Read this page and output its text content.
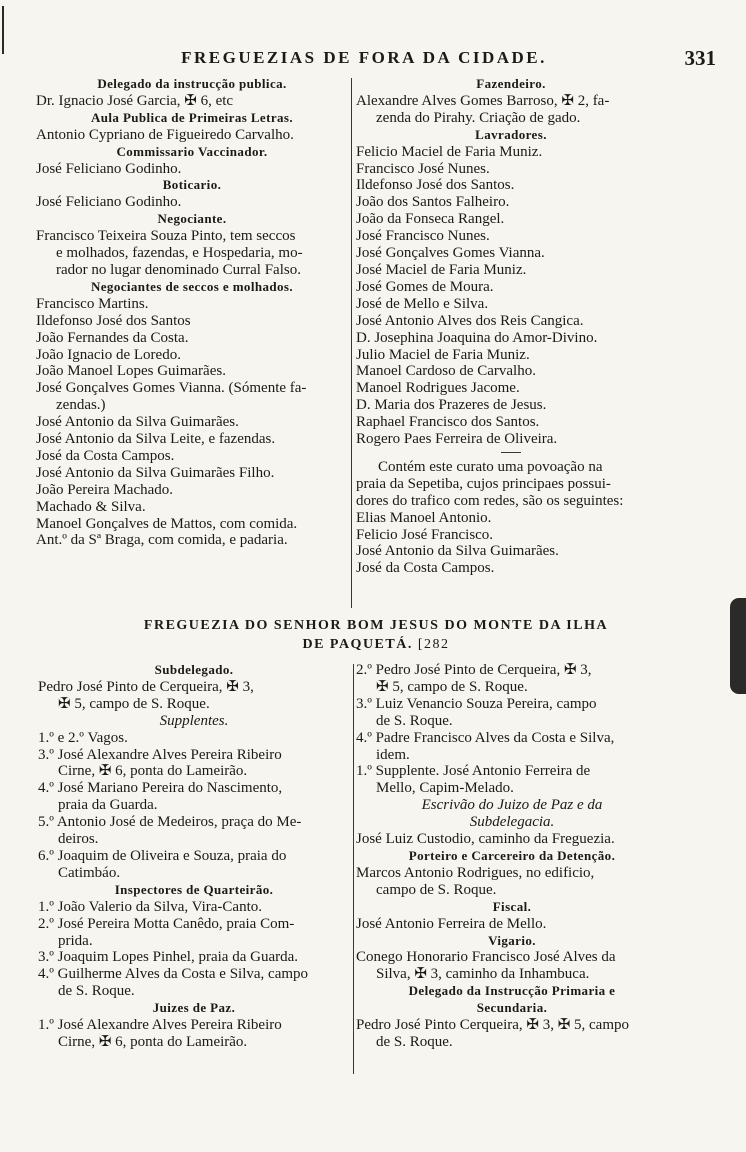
FREGUEZIAS DE FORA DA CIDADE.	331
Delegado da instrucção publica.
Dr. Ignacio José Garcia, ✠ 6, etc
Aula Publica de Primeiras Letras.
Antonio Cypriano de Figueiredo Carvalho.
Commissario Vaccinador.
José Feliciano Godinho.
Boticario.
José Feliciano Godinho.
Negociante.
Francisco Teixeira Souza Pinto, tem seccos
e molhados, fazendas, e Hospedaria, mo-
rador no lugar denominado Curral Falso.
Negociantes de seccos e molhados.
Francisco Martins.
Ildefonso José dos Santos
João Fernandes da Costa.
João Ignacio de Loredo.
João Manoel Lopes Guimarães.
José Gonçalves Gomes Vianna. (Sómente fa-
zendas.)
José Antonio da Silva Guimarães.
José Antonio da Silva Leite, e fazendas.
José da Costa Campos.
José Antonio da Silva Guimarães Filho.
João Pereira Machado.
Machado & Silva.
Manoel Gonçalves de Mattos, com comida.
Ant.º da Sª Braga, com comida, e padaria.
Fazendeiro.
Alexandre Alves Gomes Barroso, ✠ 2, fa-
zenda do Pirahy. Criação de gado.
Lavradores.
Felicio Maciel de Faria Muniz.
Francisco José Nunes.
Ildefonso José dos Santos.
João dos Santos Falheiro.
João da Fonseca Rangel.
José Francisco Nunes.
José Gonçalves Gomes Vianna.
José Maciel de Faria Muniz.
José Gomes de Moura.
José de Mello e Silva.
José Antonio Alves dos Reis Cangica.
D. Josephina Joaquina do Amor-Divino.
Julio Maciel de Faria Muniz.
Manoel Cardoso de Carvalho.
Manoel Rodrigues Jacome.
D. Maria dos Prazeres de Jesus.
Raphael Francisco dos Santos.
Rogero Paes Ferreira de Oliveira.
Contém este curato uma povoação na
praia da Sepetiba, cujos principaes possui-
dores do trafico com redes, são os seguintes:
Elias Manoel Antonio.
Felicio José Francisco.
José Antonio da Silva Guimarães.
José da Costa Campos.
FREGUEZIA DO SENHOR BOM JESUS DO MONTE DA ILHA
DE PAQUETÁ. [282
Subdelegado.
Pedro José Pinto de Cerqueira, ✠ 3,
✠ 5, campo de S. Roque.
Supplentes.
1.º e 2.º Vagos.
3.º José Alexandre Alves Pereira Ribeiro
Cirne, ✠ 6, ponta do Lameirão.
4.º José Mariano Pereira do Nascimento,
praia da Guarda.
5.º Antonio José de Medeiros, praça do Me-
deiros.
6.º Joaquim de Oliveira e Souza, praia do
Catimbáo.
Inspectores de Quarteirão.
1.º João Valerio da Silva, Vira-Canto.
2.º José Pereira Motta Canêdo, praia Com-
prida.
3.º Joaquim Lopes Pinhel, praia da Guarda.
4.º Guilherme Alves da Costa e Silva, campo
de S. Roque.
Juizes de Paz.
1.º José Alexandre Alves Pereira Ribeiro
Cirne, ✠ 6, ponta do Lameirão.
2.º Pedro José Pinto de Cerqueira, ✠ 3,
✠ 5, campo de S. Roque.
3.º Luiz Venancio Souza Pereira, campo
de S. Roque.
4.º Padre Francisco Alves da Costa e Silva,
idem.
1.º Supplente. José Antonio Ferreira de
Mello, Capim-Melado.
Escrivão do Juizo de Paz e da
Subdelegacia.
José Luiz Custodio, caminho da Freguezia.
Porteiro e Carcereiro da Detenção.
Marcos Antonio Rodrigues, no edificio,
campo de S. Roque.
Fiscal.
José Antonio Ferreira de Mello.
Vigario.
Conego Honorario Francisco José Alves da
Silva, ✠ 3, caminho da Inhambuca.
Delegado da Instrucção Primaria e
Secundaria.
Pedro José Pinto Cerqueira, ✠ 3, ✠ 5, campo
de S. Roque.
